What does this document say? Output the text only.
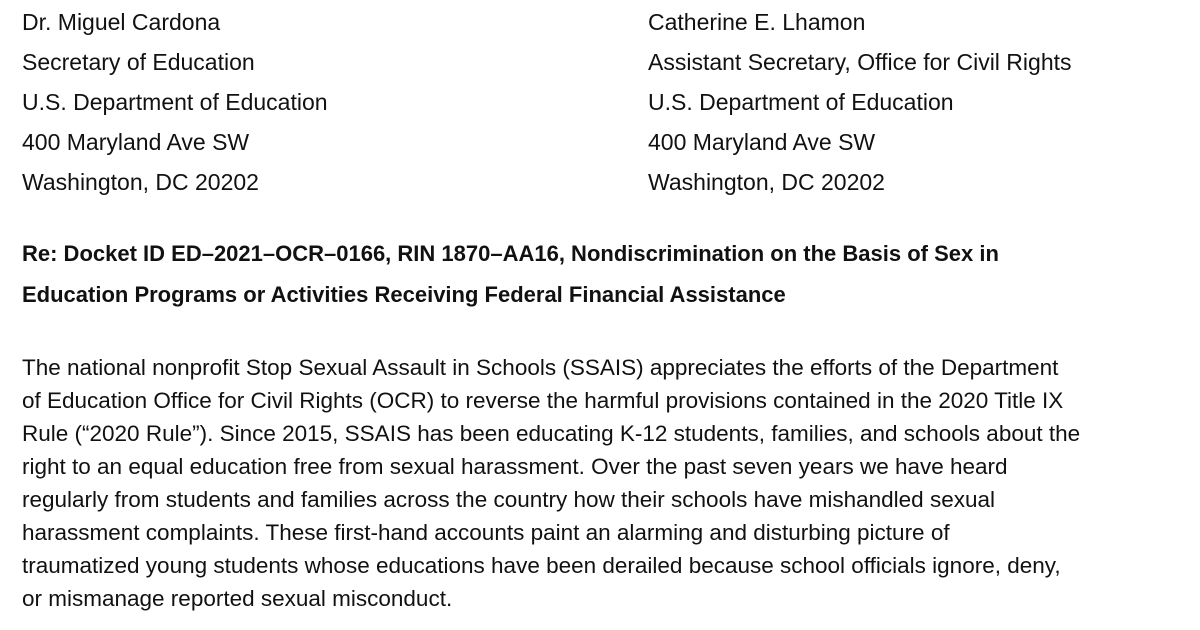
Dr. Miguel Cardona
Secretary of Education
U.S. Department of Education
400 Maryland Ave SW
Washington, DC 20202
Catherine E. Lhamon
Assistant Secretary, Office for Civil Rights
U.S. Department of Education
400 Maryland Ave SW
Washington, DC 20202
Re: Docket ID ED–2021–OCR–0166, RIN 1870–AA16, Nondiscrimination on the Basis of Sex in
Education Programs or Activities Receiving Federal Financial Assistance
The national nonprofit Stop Sexual Assault in Schools (SSAIS) appreciates the efforts of the Department
of Education Office for Civil Rights (OCR) to reverse the harmful provisions contained in the 2020 Title IX
Rule (“2020 Rule”). Since 2015, SSAIS has been educating K-12 students, families, and schools about the
right to an equal education free from sexual harassment. Over the past seven years we have heard
regularly from students and families across the country how their schools have mishandled sexual
harassment complaints. These first-hand accounts paint an alarming and disturbing picture of
traumatized young students whose educations have been derailed because school officials ignore, deny,
or mismanage reported sexual misconduct.
